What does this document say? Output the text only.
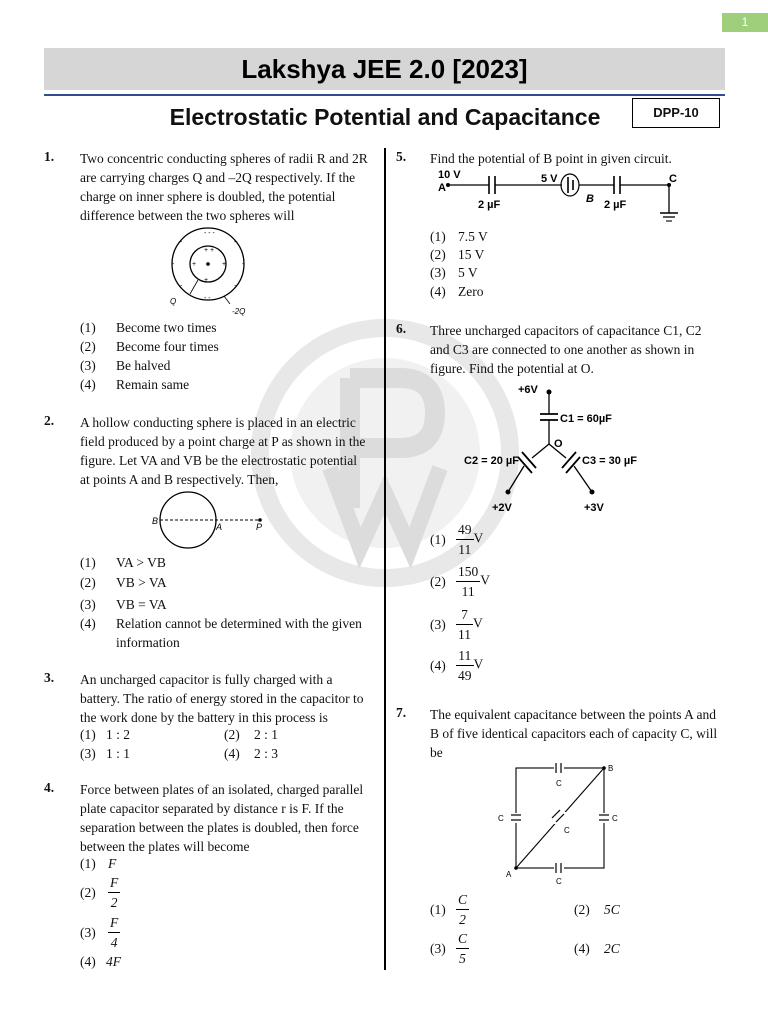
1
Lakshya JEE 2.0 [2023]
Electrostatic Potential and Capacitance	DPP-10
1. Two concentric conducting spheres of radii R and 2R are carrying charges Q and –2Q respectively. If the charge on inner sphere is doubled, the potential difference between the two spheres will
- - -
- -
-	-
-	-
-	-
+ +
+
+	+
Q
-2Q
(1) Become two times
(2) Become four times
(3) Be halved
(4) Remain same
2. A hollow conducting sphere is placed in an electric field produced by a point charge at P as shown in the figure. Let VA and VB be the electrostatic potential at points A and B respectively. Then,
B
A	P
(1) VA > VB
(2) VB > VA
(3) VB = VA
(4) Relation cannot be determined with the given information
3. An uncharged capacitor is fully charged with a battery. The ratio of energy stored in the capacitor to the work done by the battery in this process is
(1) 1 : 2	(2) 2 : 1
(3) 1 : 1	(4) 2 : 3
4. Force between plates of an isolated, charged parallel plate capacitor separated by distance r is F. If the separation between the plates is doubled, then force between the plates will become
(1) F
$(2) \frac{F}{2}$
$(3) \frac{F}{4}$
(4) 4F
5. Find the potential of B point in given circuit.
10 V
A
2 µF
5 V
B 2 µF
C
(1) 7.5 V
(2) 15 V
(3) 5 V
(4) Zero
6. Three uncharged capacitors of capacitance C1, C2 and C3 are connected to one another as shown in figure. Find the potential at O.
+6V
C1 = 60µF
O
C2 = 20 µF	C3 = 30 µF
+2V	+3V
$(1) \frac{49}{11}$ V
$(2) \frac{150}{11}$ V
$(3) \frac{7}{11}$ V
$(4) \frac{11}{49}$ V
7. The equivalent capacitance between the points A and B of five identical capacitors each of capacity C, will be
A
B
C
C
C	C
C
$(1) \frac{C}{2}$	(2) 5C
$(3) \frac{C}{5}$	(4) 2C
